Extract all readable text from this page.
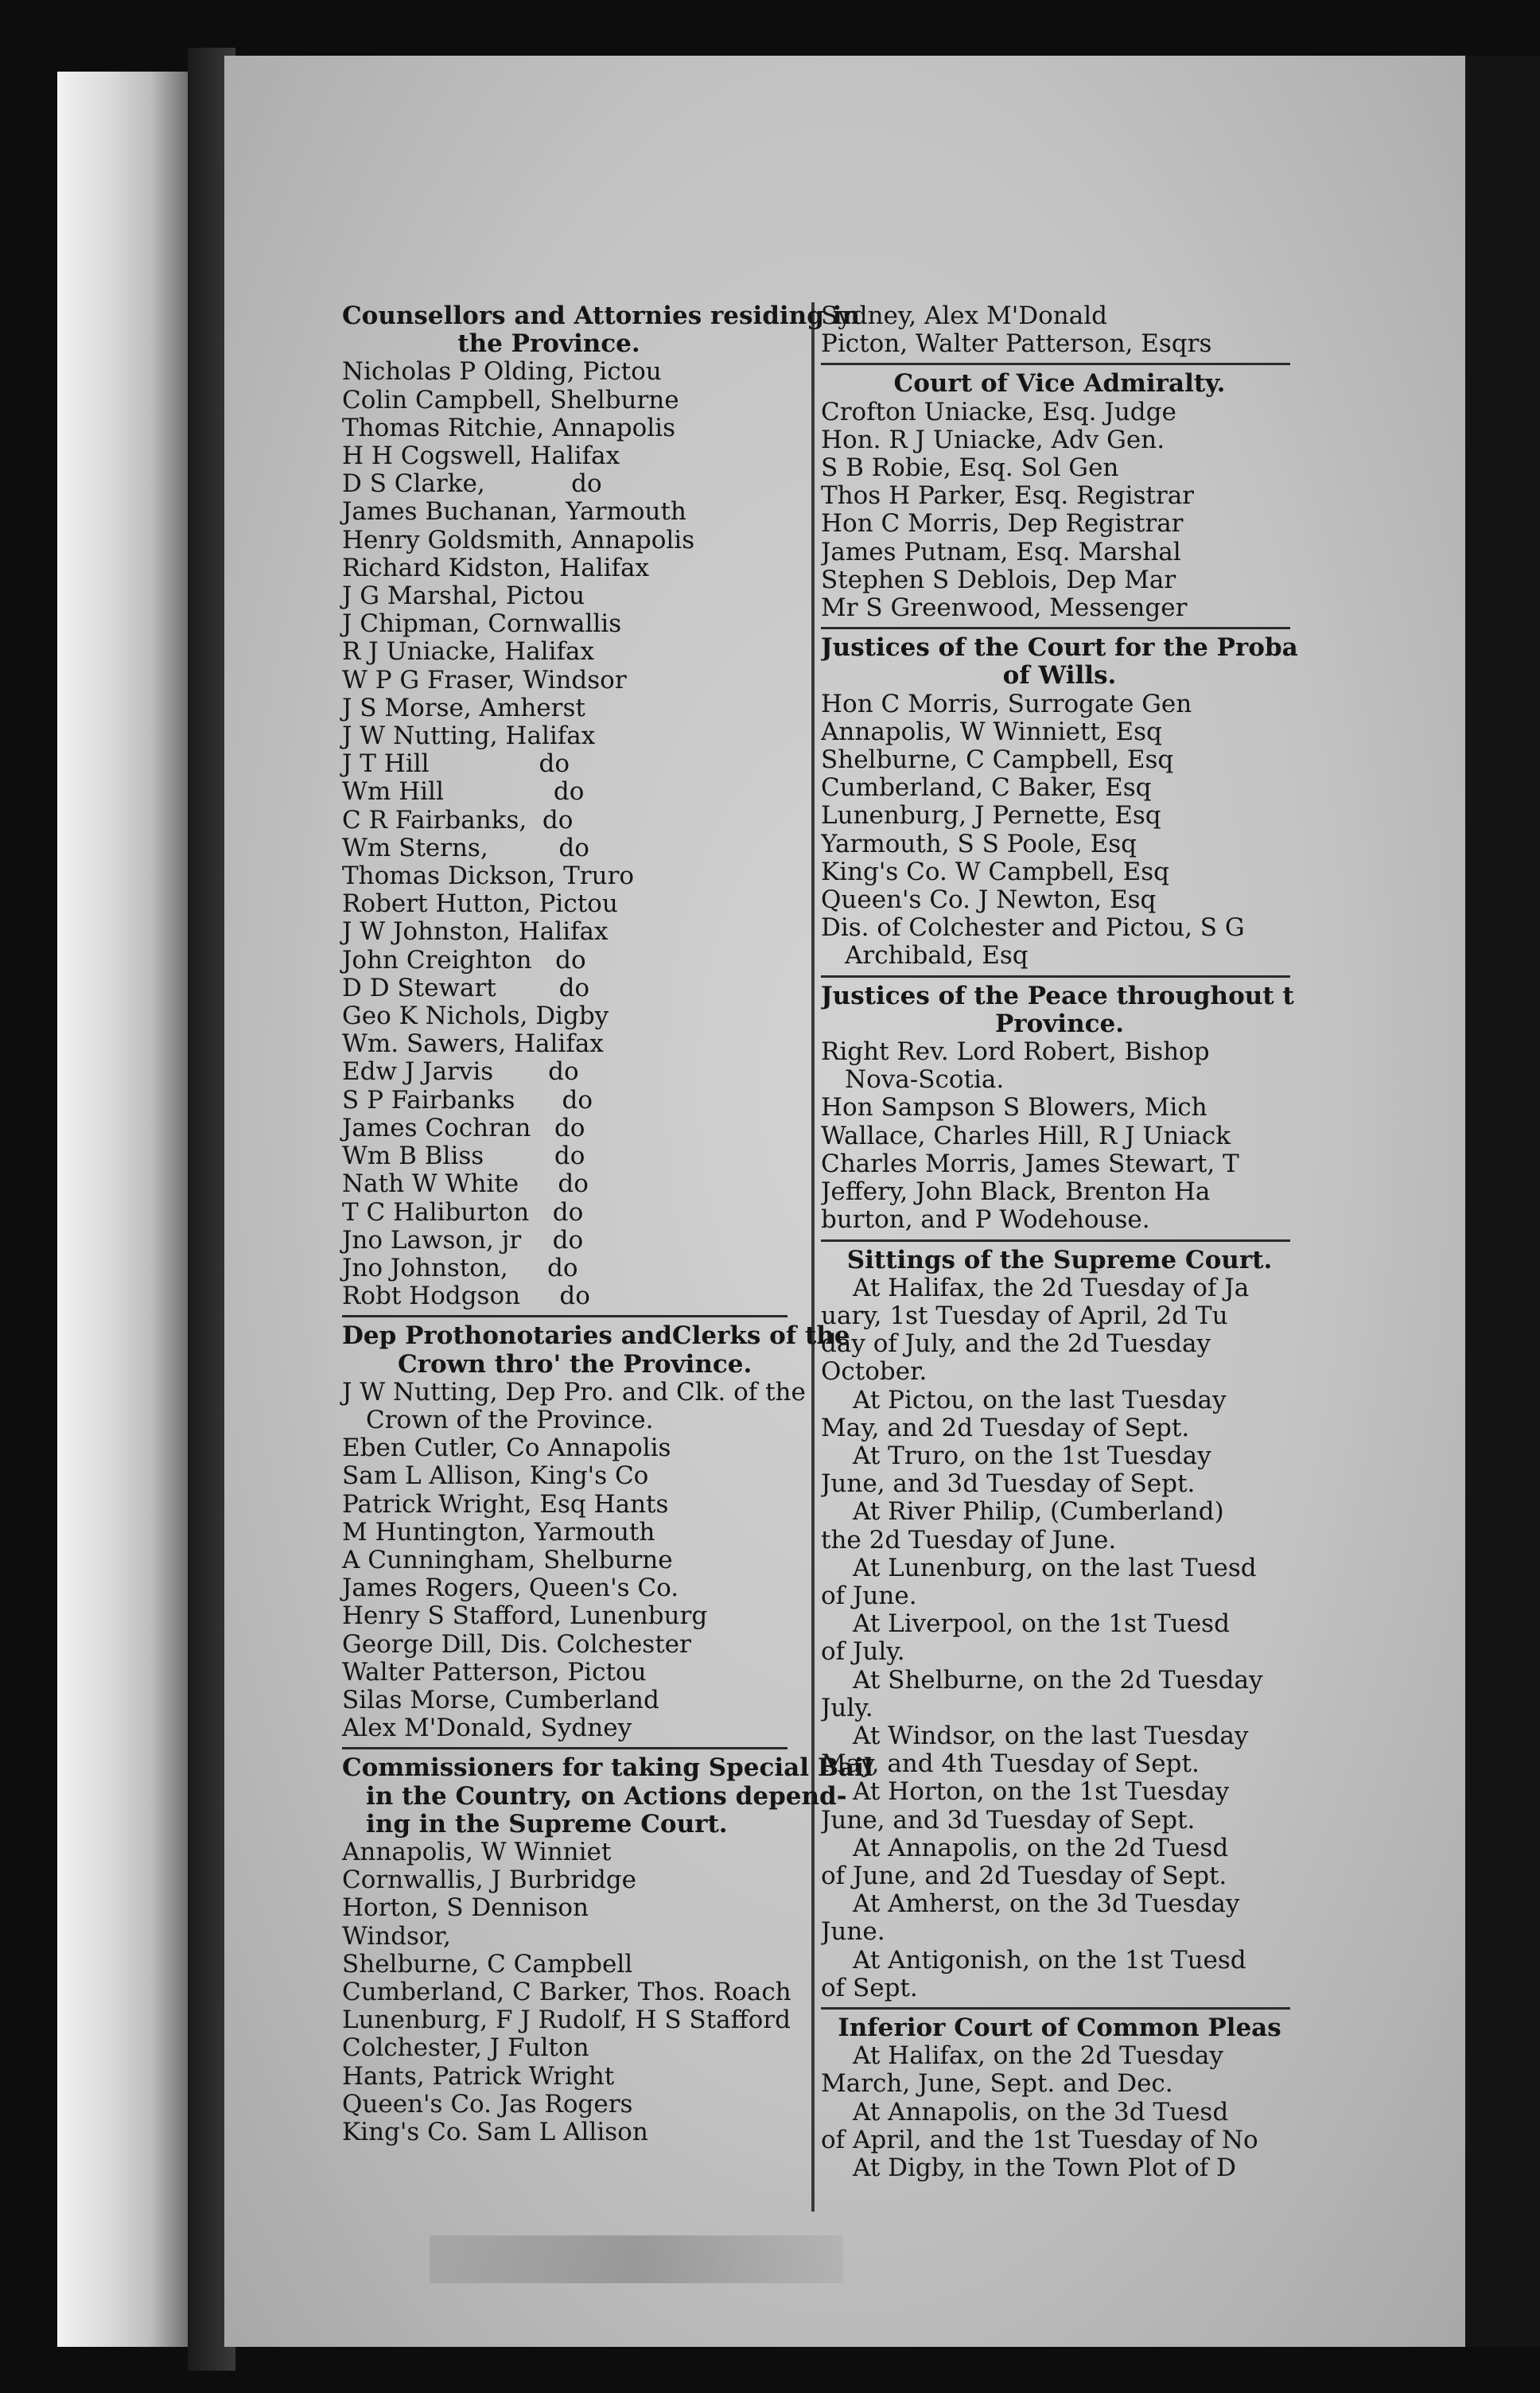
Counsellors and Attornies residing in
the Province.
Nicholas P Olding, Pictou
Colin Campbell, Shelburne
Thomas Ritchie, Annapolis
H H Cogswell, Halifax
D S Clarke,           do
James Buchanan, Yarmouth
Henry Goldsmith, Annapolis
Richard Kidston, Halifax
J G Marshal, Pictou
J Chipman, Cornwallis
R J Uniacke, Halifax
W P G Fraser, Windsor
J S Morse, Amherst
J W Nutting, Halifax
J T Hill              do
Wm Hill              do
C R Fairbanks,  do
Wm Sterns,         do
Thomas Dickson, Truro
Robert Hutton, Pictou
J W Johnston, Halifax
John Creighton   do
D D Stewart        do
Geo K Nichols, Digby
Wm. Sawers, Halifax
Edw J Jarvis       do
S P Fairbanks      do
James Cochran   do
Wm B Bliss         do
Nath W White     do
T C Haliburton   do
Jno Lawson, jr    do
Jno Johnston,     do
Robt Hodgson     do
Dep Prothonotaries andClerks of the
Crown thro' the Province.
J W Nutting, Dep Pro. and Clk. of the
Crown of the Province.
Eben Cutler, Co Annapolis
Sam L Allison, King's Co
Patrick Wright, Esq Hants
M Huntington, Yarmouth
A Cunningham, Shelburne
James Rogers, Queen's Co.
Henry S Stafford, Lunenburg
George Dill, Dis. Colchester
Walter Patterson, Pictou
Silas Morse, Cumberland
Alex M'Donald, Sydney
Commissioners for taking Special Bail
in the Country, on Actions depend-
ing in the Supreme Court.
Annapolis, W Winniet
Cornwallis, J Burbridge
Horton, S Dennison
Windsor,
Shelburne, C Campbell
Cumberland, C Barker, Thos. Roach
Lunenburg, F J Rudolf, H S Stafford
Colchester, J Fulton
Hants, Patrick Wright
Queen's Co. Jas Rogers
King's Co. Sam L Allison
Sydney, Alex M'Donald
Picton, Walter Patterson, Esqrs
Court of Vice Admiralty.
Crofton Uniacke, Esq. Judge
Hon. R J Uniacke, Adv Gen.
S B Robie, Esq. Sol Gen
Thos H Parker, Esq. Registrar
Hon C Morris, Dep Registrar
James Putnam, Esq. Marshal
Stephen S Deblois, Dep Mar
Mr S Greenwood, Messenger
Justices of the Court for the Proba
of Wills.
Hon C Morris, Surrogate Gen
Annapolis, W Winniett, Esq
Shelburne, C Campbell, Esq
Cumberland, C Baker, Esq
Lunenburg, J Pernette, Esq
Yarmouth, S S Poole, Esq
King's Co. W Campbell, Esq
Queen's Co. J Newton, Esq
Dis. of Colchester and Pictou, S G
Archibald, Esq
Justices of the Peace throughout t
Province.
Right Rev. Lord Robert, Bishop
Nova-Scotia.
Hon Sampson S Blowers, Mich
Wallace, Charles Hill, R J Uniack
Charles Morris, James Stewart, T
Jeffery, John Black, Brenton Ha
burton, and P Wodehouse.
Sittings of the Supreme Court.
At Halifax, the 2d Tuesday of Ja
uary, 1st Tuesday of April, 2d Tu
day of July, and the 2d Tuesday
October.
At Pictou, on the last Tuesday
May, and 2d Tuesday of Sept.
At Truro, on the 1st Tuesday
June, and 3d Tuesday of Sept.
At River Philip, (Cumberland)
the 2d Tuesday of June.
At Lunenburg, on the last Tuesd
of June.
At Liverpool, on the 1st Tuesd
of July.
At Shelburne, on the 2d Tuesday
July.
At Windsor, on the last Tuesday
May, and 4th Tuesday of Sept.
At Horton, on the 1st Tuesday
June, and 3d Tuesday of Sept.
At Annapolis, on the 2d Tuesd
of June, and 2d Tuesday of Sept.
At Amherst, on the 3d Tuesday
June.
At Antigonish, on the 1st Tuesd
of Sept.
Inferior Court of Common Pleas
At Halifax, on the 2d Tuesday
March, June, Sept. and Dec.
At Annapolis, on the 3d Tuesd
of April, and the 1st Tuesday of No
At Digby, in the Town Plot of D
